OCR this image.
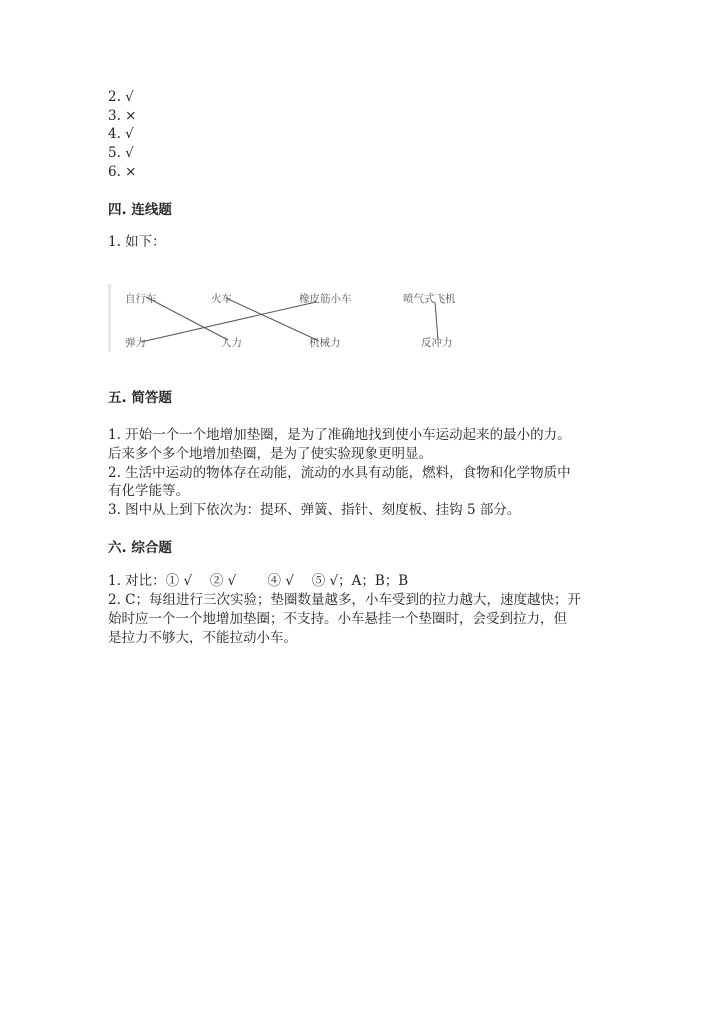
2. √
3. ×
4. √
5. √
6. ×
四. 连线题
1. 如下：
自行车	火车	橡皮筋小车	喷气式飞机
弹力	人力	机械力	反冲力
五. 简答题
1. 开始一个一个地增加垫圈，是为了准确地找到使小车运动起来的最小的力。
后来多个多个地增加垫圈，是为了使实验现象更明显。
2. 生活中运动的物体存在动能，流动的水具有动能，燃料，食物和化学物质中
有化学能等。
3. 图中从上到下依次为：提环、弹簧、指针、刻度板、挂钩 5 部分。
六. 综合题
1. 对比：① √　 ② √　　 ④ √　 ⑤ √；A；B；B
2. C；每组进行三次实验；垫圈数量越多，小车受到的拉力越大，速度越快；开
始时应一个一个地增加垫圈；不支持。小车悬挂一个垫圈时，会受到拉力，但
是拉力不够大，不能拉动小车。
